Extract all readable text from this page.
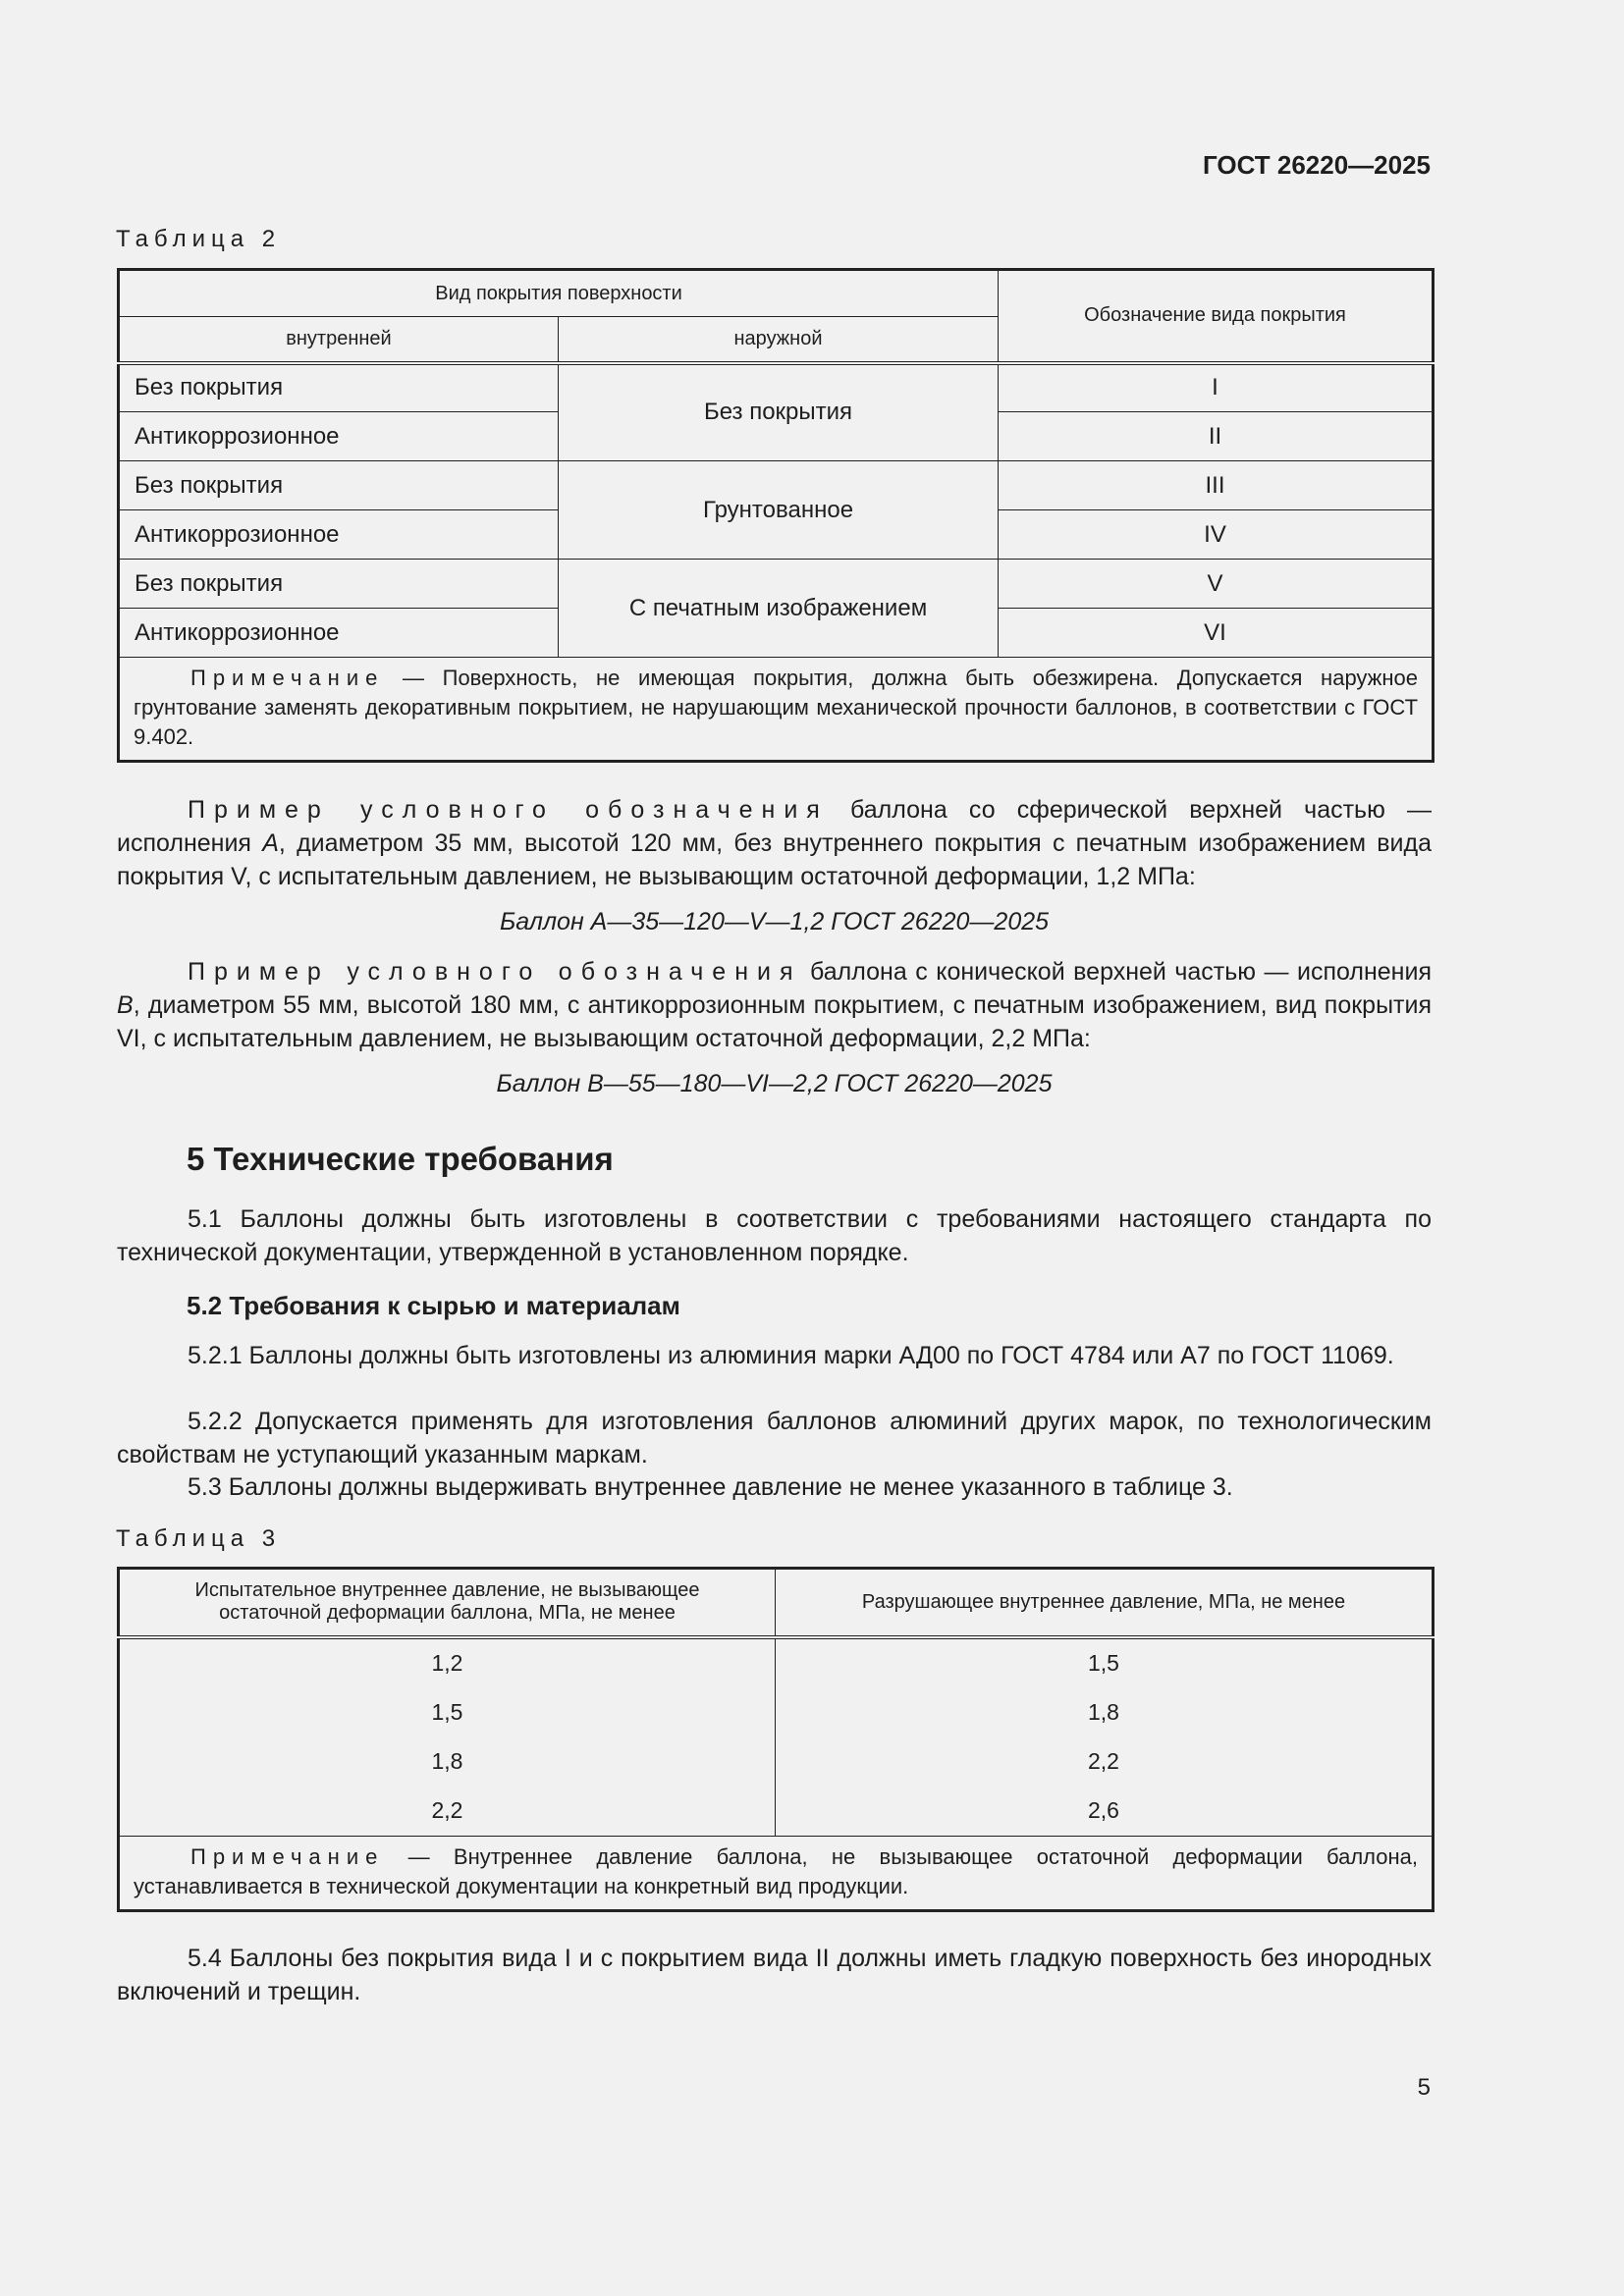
ГОСТ 26220—2025
Таблица 2
Вид покрытия поверхности		Обозначение вида покрытия
внутренней	наружной	
Без покрытия	Без покрытия	I
Антикоррозионное		II
Без покрытия	Грунтованное	III
Антикоррозионное		IV
Без покрытия	С печатным изображением	V
Антикоррозионное		VI
Примечание — Поверхность, не имеющая покрытия, должна быть обезжирена. Допускается наружное грунтование заменять декоративным покрытием, не нарушающим механической прочности баллонов, в соответствии с ГОСТ 9.402.		
Пример условного обозначения баллона со сферической верхней частью — исполнения А, диаметром 35 мм, высотой 120 мм, без внутреннего покрытия с печатным изображением вида покрытия V, с испытательным давлением, не вызывающим остаточной деформации, 1,2 МПа:
Баллон А—35—120—V—1,2 ГОСТ 26220—2025
Пример условного обозначения баллона с конической верхней частью — исполнения В, диаметром 55 мм, высотой 180 мм, с антикоррозионным покрытием, с печатным изображением, вид покрытия VI, с испытательным давлением, не вызывающим остаточной деформации, 2,2 МПа:
Баллон В—55—180—VI—2,2 ГОСТ 26220—2025
5 Технические требования
5.1 Баллоны должны быть изготовлены в соответствии с требованиями настоящего стандарта по технической документации, утвержденной в установленном порядке.
5.2 Требования к сырью и материалам
5.2.1 Баллоны должны быть изготовлены из алюминия марки АД00 по ГОСТ 4784 или А7 по ГОСТ 11069.
5.2.2 Допускается применять для изготовления баллонов алюминий других марок, по технологическим свойствам не уступающий указанным маркам.
5.3 Баллоны должны выдерживать внутреннее давление не менее указанного в таблице 3.
Таблица 3
Испытательное внутреннее давление, не вызывающее остаточной деформации баллона, МПа, не менее	Разрушающее внутреннее давление, МПа, не менее
1,2	1,5
1,5	1,8
1,8	2,2
2,2	2,6
Примечание — Внутреннее давление баллона, не вызывающее остаточной деформации баллона, устанавливается в технической документации на конкретный вид продукции.	
5.4 Баллоны без покрытия вида I и с покрытием вида II должны иметь гладкую поверхность без инородных включений и трещин.
5
